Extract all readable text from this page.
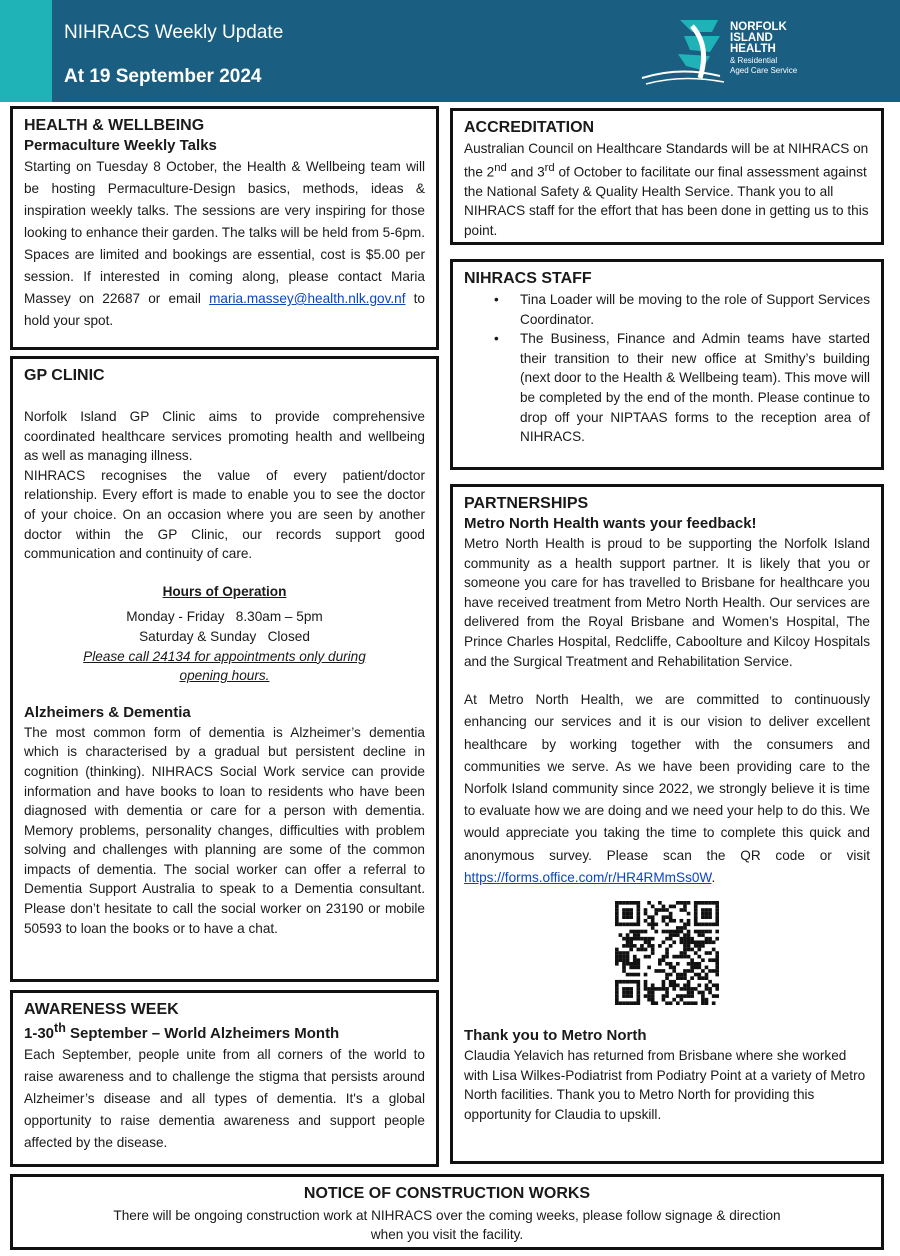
NIHRACS Weekly Update
At 19 September 2024
NORFOLK
ISLAND
HEALTH
& Residential
Aged Care Service
HEALTH & WELLBEING
Permaculture Weekly Talks

Starting on Tuesday 8 October, the Health & Wellbeing team will be hosting Permaculture-Design basics, methods, ideas & inspiration weekly talks. The sessions are very inspiring for those looking to enhance their garden. The talks will be held from 5-6pm. Spaces are limited and bookings are essential, cost is $5.00 per session. If interested in coming along, please contact Maria Massey on 22687 or email maria.massey@health.nlk.gov.nf to hold your spot.

GP CLINIC

Norfolk Island GP Clinic aims to provide comprehensive coordinated healthcare services promoting health and wellbeing as well as managing illness.

NIHRACS recognises the value of every patient/doctor relationship. Every effort is made to enable you to see the doctor of your choice. On an occasion where you are seen by another doctor within the GP Clinic, our records support good communication and continuity of care.

Hours of Operation

Monday - Friday   8.30am – 5pm

Saturday & Sunday   Closed

Please call 24134 for appointments only during opening hours.

Alzheimers & Dementia

The most common form of dementia is Alzheimer’s dementia which is characterised by a gradual but persistent decline in cognition (thinking). NIHRACS Social Work service can provide information and have books to loan to residents who have been diagnosed with dementia or care for a person with dementia. Memory problems, personality changes, difficulties with problem solving and challenges with planning are some of the common impacts of dementia. The social worker can offer a referral to Dementia Support Australia to speak to a Dementia consultant. Please don’t hesitate to call the social worker on 23190 or mobile 50593 to loan the books or to have a chat.

AWARENESS WEEK
1-30th September – World Alzheimers Month

Each September, people unite from all corners of the world to raise awareness and to challenge the stigma that persists around Alzheimer’s disease and all types of dementia. It's a global opportunity to raise dementia awareness and support people affected by the disease.

ACCREDITATION

Australian Council on Healthcare Standards will be at NIHRACS on the 2nd and 3rd of October to facilitate our final assessment against the National Safety & Quality Health Service. Thank you to all NIHRACS staff for the effort that has been done in getting us to this point.

NIHRACS STAFF
• Tina Loader will be moving to the role of Support Services Coordinator.
• The Business, Finance and Admin teams have started their transition to their new office at Smithy’s building (next door to the Health & Wellbeing team). This move will be completed by the end of the month. Please continue to drop off your NIPTAAS forms to the reception area of NIHRACS.
PARTNERSHIPS
Metro North Health wants your feedback!

Metro North Health is proud to be supporting the Norfolk Island community as a health support partner. It is likely that you or someone you care for has travelled to Brisbane for healthcare you have received treatment from Metro North Health. Our services are delivered from the Royal Brisbane and Women’s Hospital, The Prince Charles Hospital, Redcliffe, Caboolture and Kilcoy Hospitals and the Surgical Treatment and Rehabilitation Service.

At Metro North Health, we are committed to continuously enhancing our services and it is our vision to deliver excellent healthcare by working together with the consumers and communities we serve. As we have been providing care to the Norfolk Island community since 2022, we strongly believe it is time to evaluate how we are doing and we need your help to do this. We would appreciate you taking the time to complete this quick and anonymous survey. Please scan the QR code or visit https://forms.office.com/r/HR4RMmSs0W.

Thank you to Metro North

Claudia Yelavich has returned from Brisbane where she worked with Lisa Wilkes-Podiatrist from Podiatry Point at a variety of Metro North facilities. Thank you to Metro North for providing this opportunity for Claudia to upskill.

NOTICE OF CONSTRUCTION WORKS

There will be ongoing construction work at NIHRACS over the coming weeks, please follow signage & direction

when you visit the facility.
